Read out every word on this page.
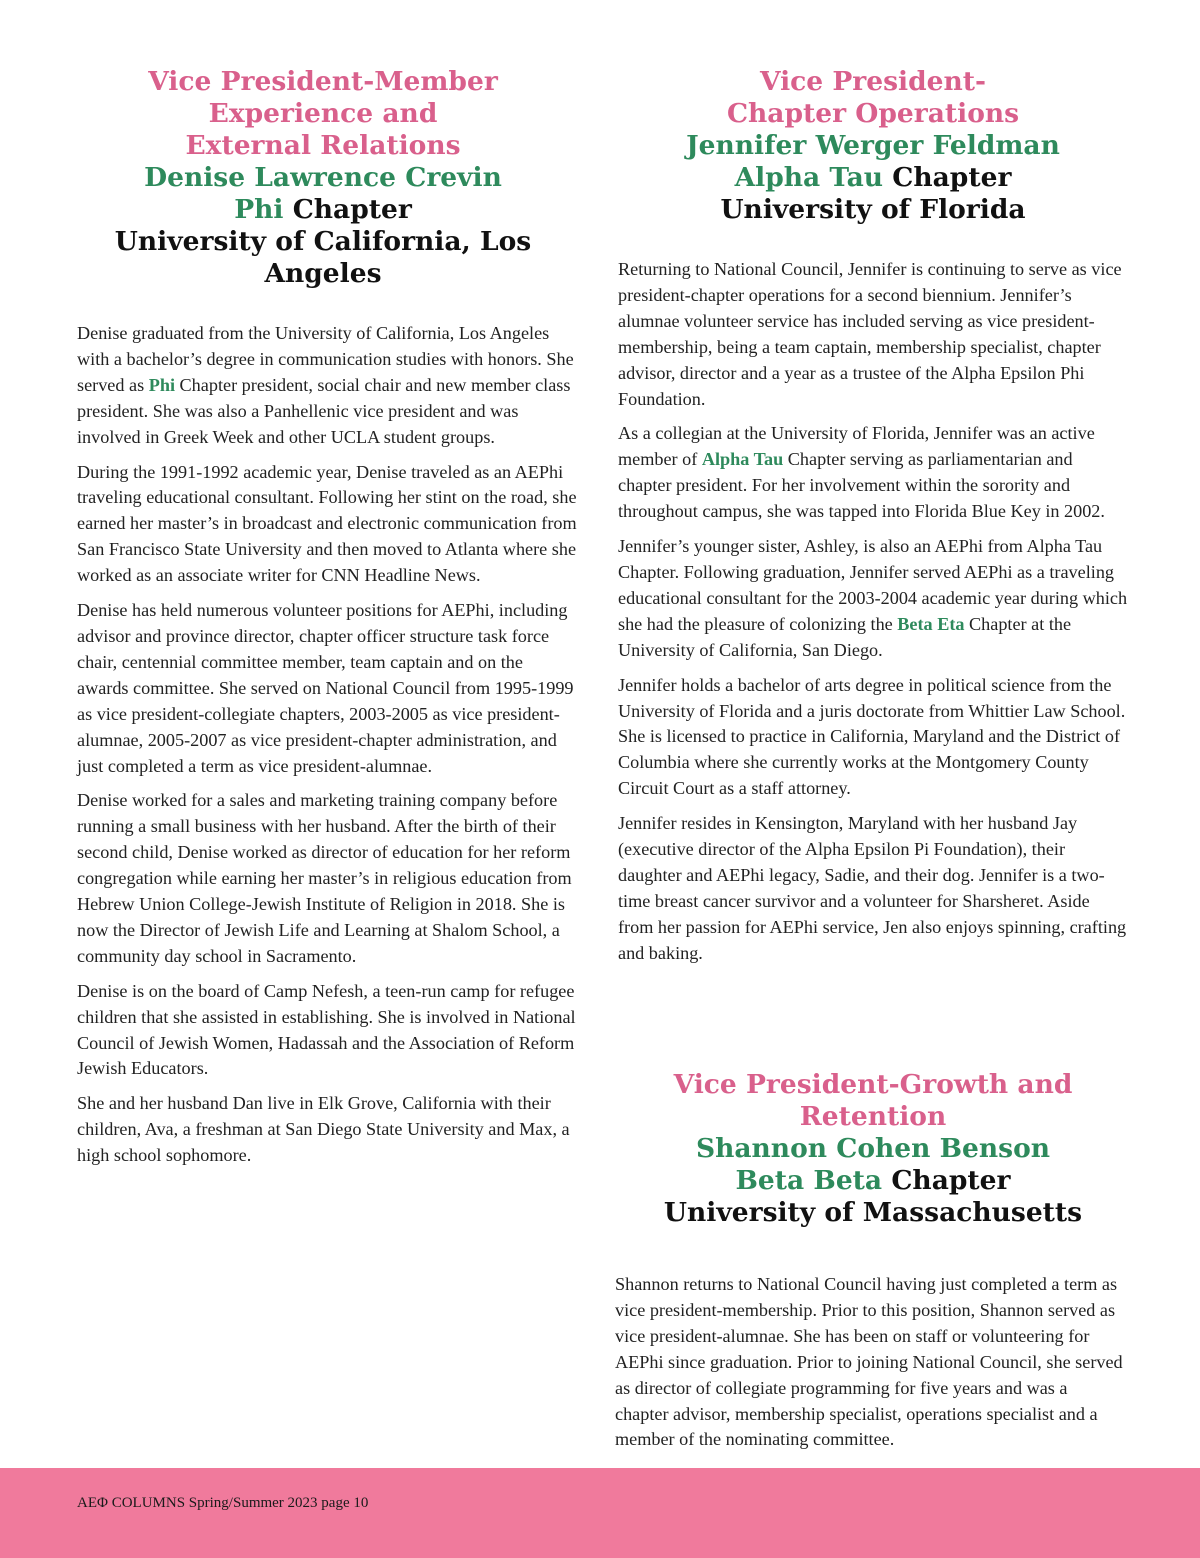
Vice President-Member Experience and
External Relations
Denise Lawrence Crevin
Phi Chapter
University of California, Los Angeles

Denise graduated from the University of California, Los Angeles with a bachelor’s degree in communication studies with honors. She served as Phi Chapter president, social chair and new member class president. She was also a Panhellenic vice president and was involved in Greek Week and other UCLA student groups.

During the 1991-1992 academic year, Denise traveled as an AEPhi traveling educational consultant. Following her stint on the road, she earned her master’s in broadcast and electronic communication from San Francisco State University and then moved to Atlanta where she worked as an associate writer for CNN Headline News.

Denise has held numerous volunteer positions for AEPhi, including advisor and province director, chapter officer structure task force chair, centennial committee member, team captain and on the awards committee. She served on National Council from 1995-1999 as vice president-collegiate chapters, 2003-2005 as vice president-alumnae, 2005-2007 as vice president-chapter administration, and just completed a term as vice president-alumnae.

Denise worked for a sales and marketing training company before running a small business with her husband. After the birth of their second child, Denise worked as director of education for her reform congregation while earning her master’s in religious education from Hebrew Union College-Jewish Institute of Religion in 2018. She is now the Director of Jewish Life and Learning at Shalom School, a community day school in Sacramento.

Denise is on the board of Camp Nefesh, a teen-run camp for refugee children that she assisted in establishing. She is involved in National Council of Jewish Women, Hadassah and the Association of Reform Jewish Educators.

She and her husband Dan live in Elk Grove, California with their children, Ava, a freshman at San Diego State University and Max, a high school sophomore.

Vice President-
Chapter Operations
Jennifer Werger Feldman
Alpha Tau Chapter
University of Florida

Returning to National Council, Jennifer is continuing to serve as vice president-chapter operations for a second biennium. Jennifer’s alumnae volunteer service has included serving as vice president-membership, being a team captain, membership specialist, chapter advisor, director and a year as a trustee of the Alpha Epsilon Phi Foundation.

As a collegian at the University of Florida, Jennifer was an active member of Alpha Tau Chapter serving as parliamentarian and chapter president. For her involvement within the sorority and throughout campus, she was tapped into Florida Blue Key in 2002.

Jennifer’s younger sister, Ashley, is also an AEPhi from Alpha Tau Chapter. Following graduation, Jennifer served AEPhi as a traveling educational consultant for the 2003-2004 academic year during which she had the pleasure of colonizing the Beta Eta Chapter at the University of California, San Diego.

Jennifer holds a bachelor of arts degree in political science from the University of Florida and a juris doctorate from Whittier Law School. She is licensed to practice in California, Maryland and the District of Columbia where she currently works at the Montgomery County Circuit Court as a staff attorney.

Jennifer resides in Kensington, Maryland with her husband Jay (executive director of the Alpha Epsilon Pi Foundation), their daughter and AEPhi legacy, Sadie, and their dog. Jennifer is a two-time breast cancer survivor and a volunteer for Sharsheret. Aside from her passion for AEPhi service, Jen also enjoys spinning, crafting and baking.

Vice President-Growth and Retention
Shannon Cohen Benson
Beta Beta Chapter
University of Massachusetts

Shannon returns to National Council having just completed a term as vice president-membership. Prior to this position, Shannon served as vice president-alumnae. She has been on staff or volunteering for AEPhi since graduation. Prior to joining National Council, she served as director of collegiate programming for five years and was a chapter advisor, membership specialist, operations specialist and a member of the nominating committee.

AEΦ COLUMNS Spring/Summer 2023 page 10
